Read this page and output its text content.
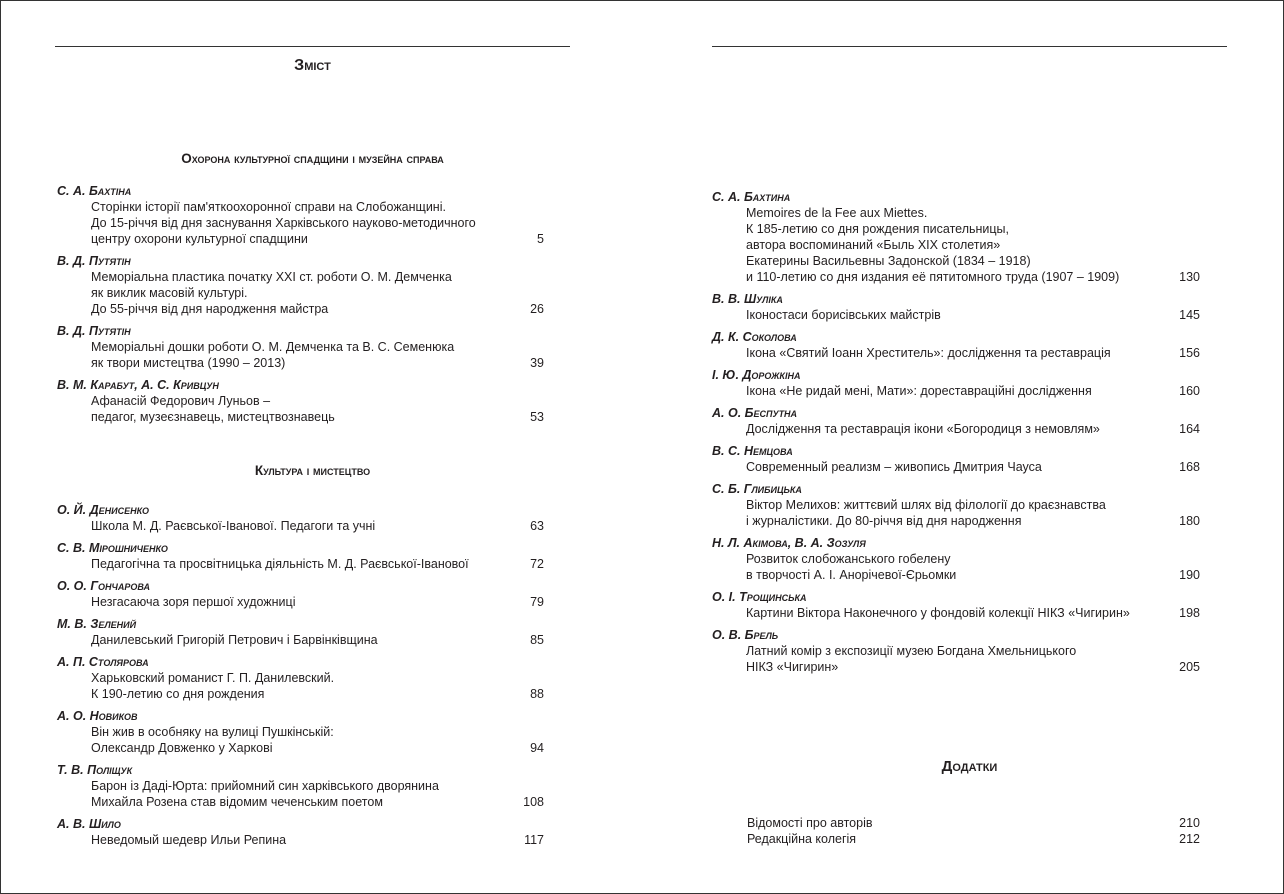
Зміст
Охорона культурної спадщини і музейна справа
С. А. Бахтіна
Сторінки історії пам'яткоохоронної справи на Слобожанщині.
До 15-річчя від дня заснування Харківського науково-методичного
центру охорони культурної спадщини	5
В. Д. Путятін
Меморіальна пластика початку XXI ст. роботи О. М. Демченка
як виклик масовій культурі.
До 55-річчя від дня народження майстра	26
В. Д. Путятін
Меморіальні дошки роботи О. М. Демченка та В. С. Семенюка
як твори мистецтва (1990 – 2013)	39
В. М. Карабут, А. С. Кривцун
Афанасій Федорович Луньов –
педагог, музеєзнавець, мистецтвознавець	53
Культура і мистецтво
О. Й. Денисенко
Школа М. Д. Раєвської-Іванової. Педагоги та учні	63
С. В. Мірошниченко
Педагогічна та просвітницька діяльність М. Д. Раєвської-Іванової	72
О. О. Гончарова
Незгасаюча зоря першої художниці	79
М. В. Зелений
Данилевський Григорій Петрович і Барвінківщина	85
А. П. Столярова
Харьковский романист Г. П. Данилевский.
К 190-летию со дня рождения	88
А. О. Новиков
Він жив в особняку на вулиці Пушкінській:
Олександр Довженко у Харкові	94
Т. В. Поліщук
Барон із Даді-Юрта: прийомний син харківського дворянина
Михайла Розена став відомим чеченським поетом	108
А. В. Шило
Неведомый шедевр Ильи Репина	117
С. А. Бахтина
Memoires de la Fee aux Miettes.
К 185-летию со дня рождения писательницы,
автора воспоминаний «Быль XIX столетия»
Екатерины Васильевны Задонской (1834 – 1918)
и 110-летию со дня издания её пятитомного труда (1907 – 1909)	130
В. В. Шуліка
Іконостаси борисівських майстрів	145
Д. К. Соколова
Ікона «Святий Іоанн Хреститель»: дослідження та реставрація	156
І. Ю. Дорожкіна
Ікона «Не ридай мені, Мати»: дореставраційні дослідження	160
А. О. Беспутна
Дослідження та реставрація ікони «Богородиця з немовлям»	164
В. С. Немцова
Современный реализм – живопись Дмитрия Чауса	168
С. Б. Глибицька
Віктор Мелихов: життєвий шлях від філології до краєзнавства
і журналістики. До 80-річчя від дня народження	180
Н. Л. Акімова, В. А. Зозуля
Розвиток слобожанського гобелену
в творчості А. І. Анорічевої-Єрьомки	190
О. І. Трощинська
Картини Віктора Наконечного у фондовій колекції НІКЗ «Чигирин»	198
О. В. Брель
Латний комір з експозиції музею Богдана Хмельницького
НІКЗ «Чигирин»	205
Додатки
Відомості про авторів	210
Редакційна колегія	212
